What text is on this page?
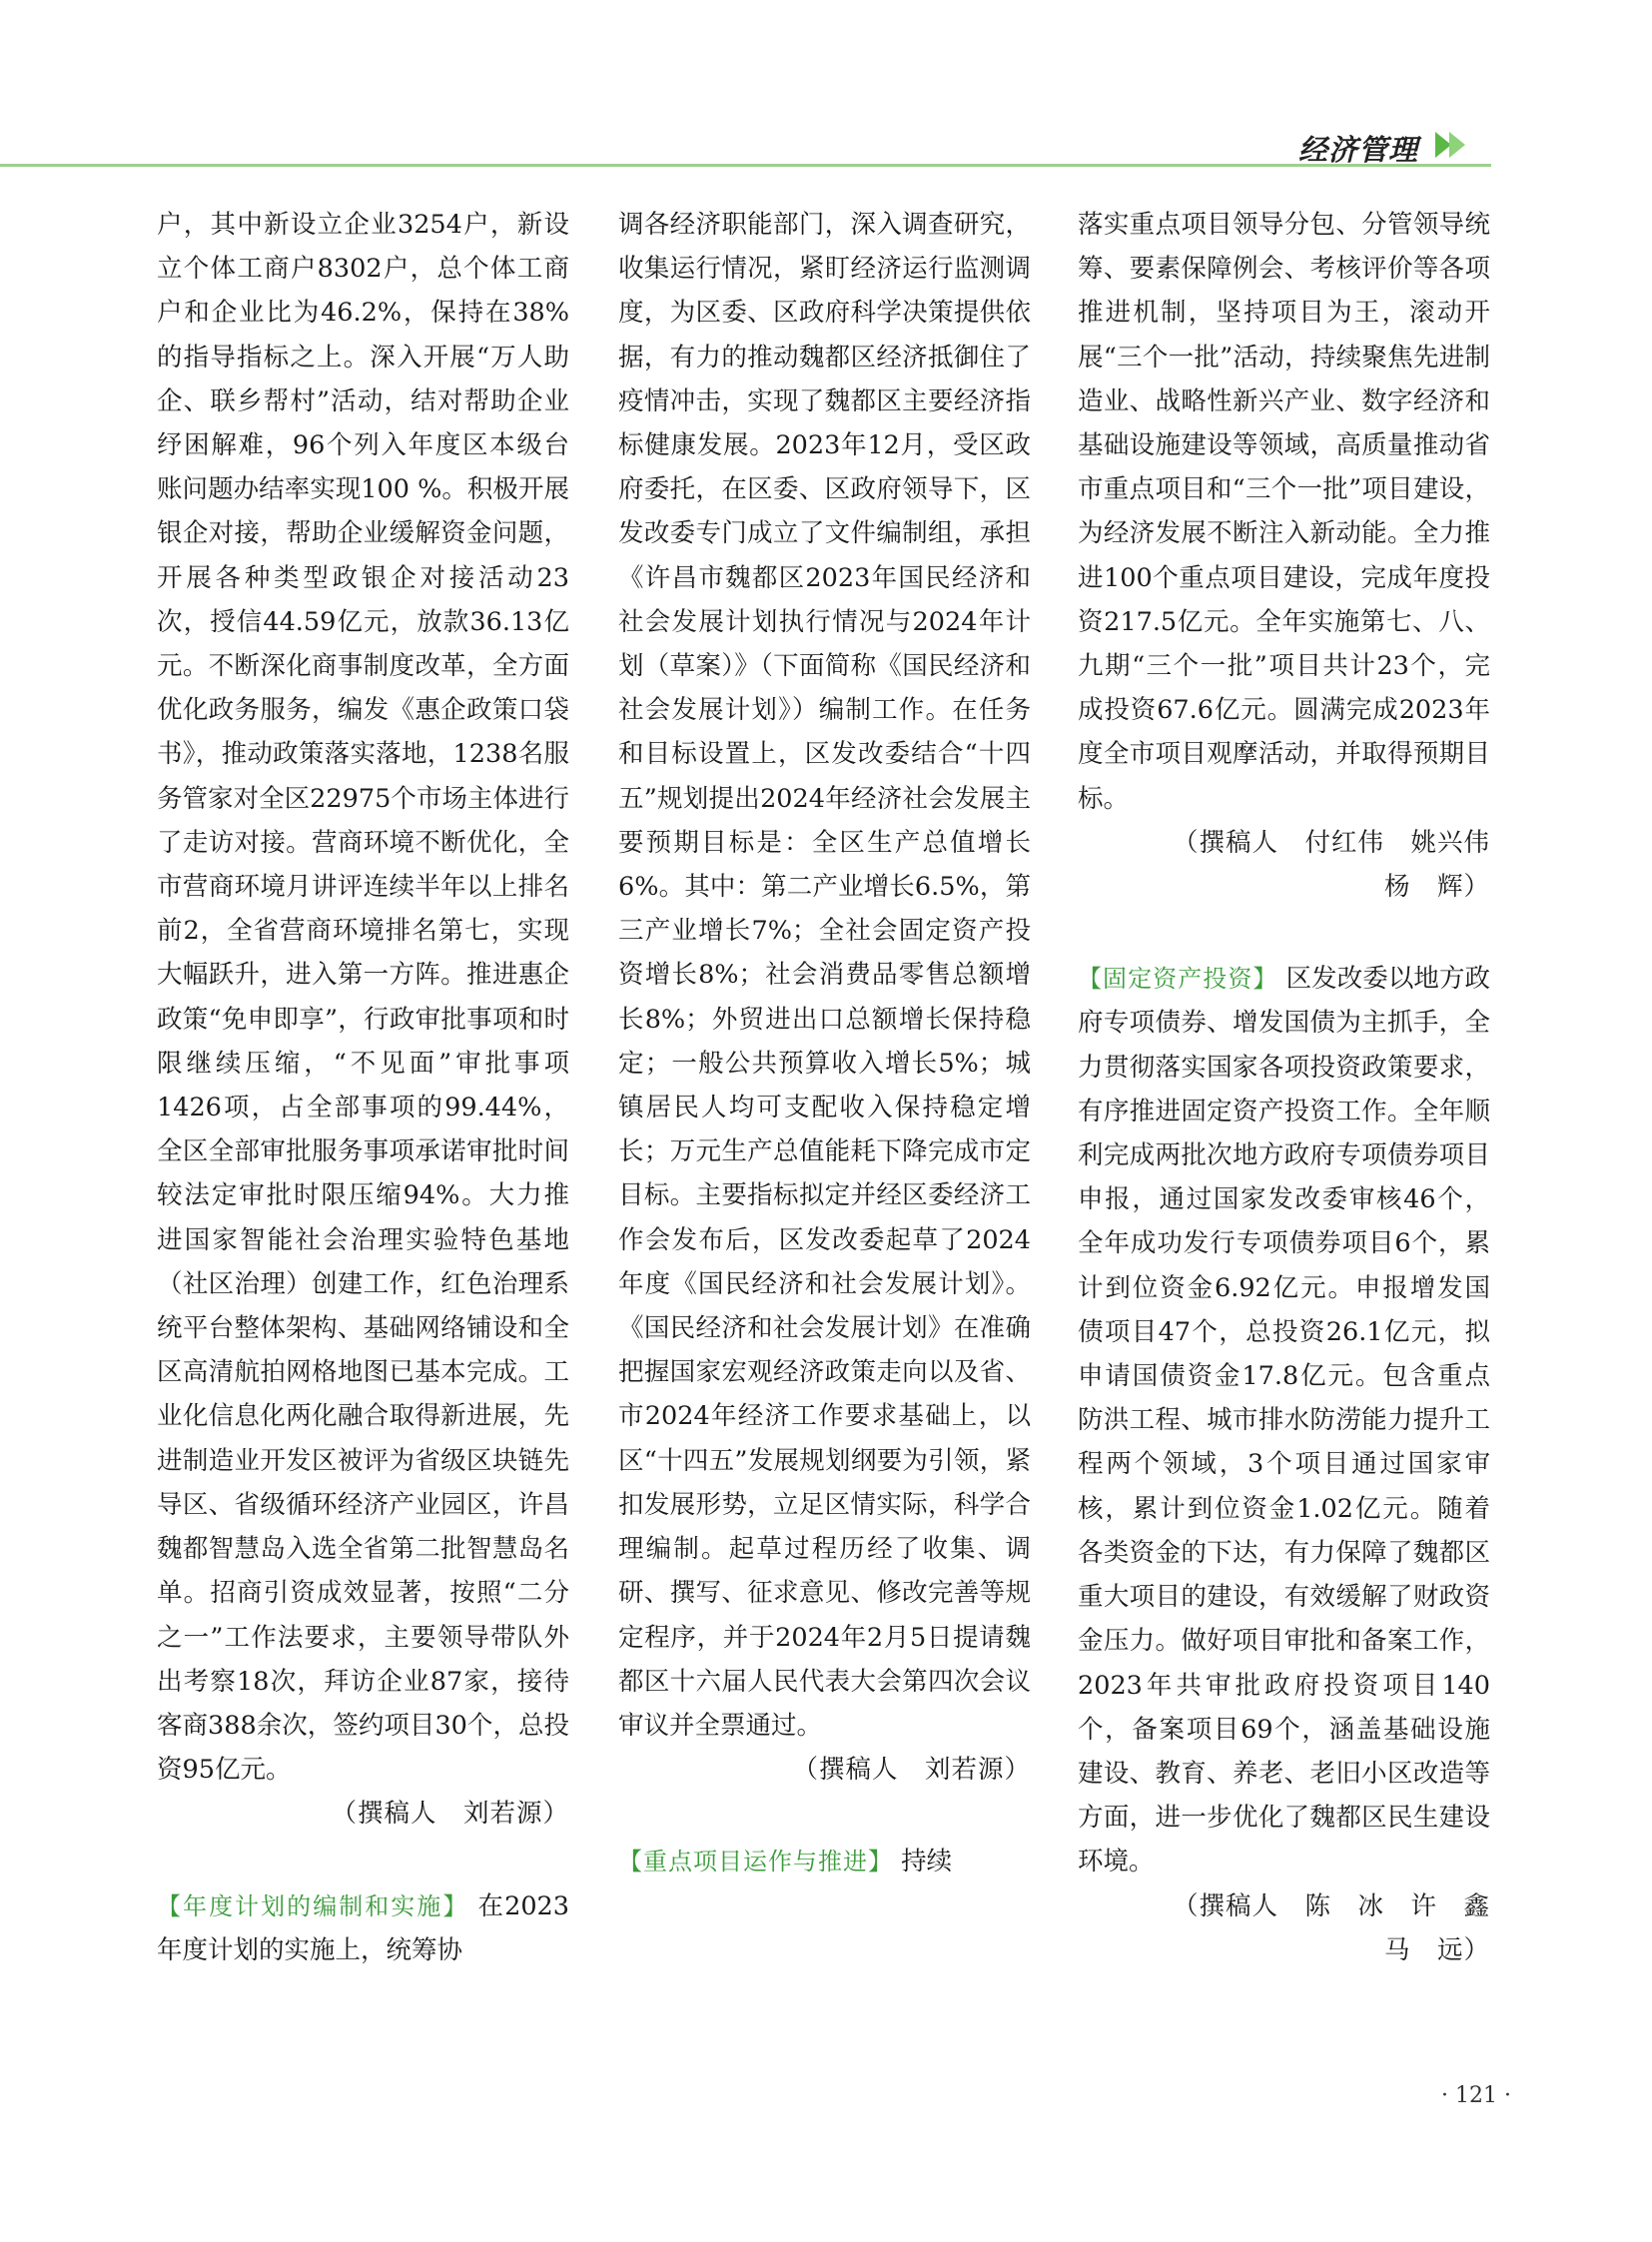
经济管理

户，其中新设立企业3254户，新设立个体工商户8302户，总个体工商户和企业比为46.2%，保持在38%的指导指标之上。深入开展“万人助企、联乡帮村”活动，结对帮助企业纾困解难，96个列入年度区本级台账问题办结率实现100 %。积极开展银企对接，帮助企业缓解资金问题，开展各种类型政银企对接活动23次，授信44.59亿元，放款36.13亿元。不断深化商事制度改革，全方面优化政务服务，编发《惠企政策口袋书》，推动政策落实落地，1238名服务管家对全区22975个市场主体进行了走访对接。营商环境不断优化，全市营商环境月讲评连续半年以上排名前2，全省营商环境排名第七，实现大幅跃升，进入第一方阵。推进惠企政策“免申即享”，行政审批事项和时限继续压缩，“不见面”审批事项1426项，占全部事项的99.44%，全区全部审批服务事项承诺审批时间较法定审批时限压缩94%。大力推进国家智能社会治理实验特色基地（社区治理）创建工作，红色治理系统平台整体架构、基础网络铺设和全区高清航拍网格地图已基本完成。工业化信息化两化融合取得新进展，先进制造业开发区被评为省级区块链先导区、省级循环经济产业园区，许昌魏都智慧岛入选全省第二批智慧岛名单。招商引资成效显著，按照“二分之一”工作法要求，主要领导带队外出考察18次，拜访企业87家，接待客商388余次，签约项目30个，总投资95亿元。

（撰稿人　刘若源）

【年度计划的编制和实施】 在2023年度计划的实施上，统筹协

调各经济职能部门，深入调查研究，收集运行情况，紧盯经济运行监测调度，为区委、区政府科学决策提供依据，有力的推动魏都区经济抵御住了疫情冲击，实现了魏都区主要经济指标健康发展。2023年12月，受区政府委托，在区委、区政府领导下，区发改委专门成立了文件编制组，承担《许昌市魏都区2023年国民经济和社会发展计划执行情况与2024年计划（草案）》（下面简称《国民经济和社会发展计划》）编制工作。在任务和目标设置上，区发改委结合“十四五”规划提出2024年经济社会发展主要预期目标是：全区生产总值增长6%。其中：第二产业增长6.5%，第三产业增长7%；全社会固定资产投资增长8%；社会消费品零售总额增长8%；外贸进出口总额增长保持稳定；一般公共预算收入增长5%；城镇居民人均可支配收入保持稳定增长；万元生产总值能耗下降完成市定目标。主要指标拟定并经区委经济工作会发布后，区发改委起草了2024年度《国民经济和社会发展计划》。《国民经济和社会发展计划》在准确把握国家宏观经济政策走向以及省、市2024年经济工作要求基础上，以区“十四五”发展规划纲要为引领，紧扣发展形势，立足区情实际，科学合理编制。起草过程历经了收集、调研、撰写、征求意见、修改完善等规定程序，并于2024年2月5日提请魏都区十六届人民代表大会第四次会议审议并全票通过。

（撰稿人　刘若源）

【重点项目运作与推进】 持续

落实重点项目领导分包、分管领导统筹、要素保障例会、考核评价等各项推进机制，坚持项目为王，滚动开展“三个一批”活动，持续聚焦先进制造业、战略性新兴产业、数字经济和基础设施建设等领域，高质量推动省市重点项目和“三个一批”项目建设，为经济发展不断注入新动能。全力推进100个重点项目建设，完成年度投资217.5亿元。全年实施第七、八、九期“三个一批”项目共计23个，完成投资67.6亿元。圆满完成2023年度全市项目观摩活动，并取得预期目标。

（撰稿人　付红伟　姚兴伟

杨　辉）

【固定资产投资】 区发改委以地方政府专项债券、增发国债为主抓手，全力贯彻落实国家各项投资政策要求，有序推进固定资产投资工作。全年顺利完成两批次地方政府专项债券项目申报，通过国家发改委审核46个，全年成功发行专项债券项目6个，累计到位资金6.92亿元。申报增发国债项目47个，总投资26.1亿元，拟申请国债资金17.8亿元。包含重点防洪工程、城市排水防涝能力提升工程两个领域，3个项目通过国家审核，累计到位资金1.02亿元。随着各类资金的下达，有力保障了魏都区重大项目的建设，有效缓解了财政资金压力。做好项目审批和备案工作，2023年共审批政府投资项目140个，备案项目69个，涵盖基础设施建设、教育、养老、老旧小区改造等方面，进一步优化了魏都区民生建设环境。

（撰稿人　陈　冰　许　鑫

马　远）

· 121 ·
